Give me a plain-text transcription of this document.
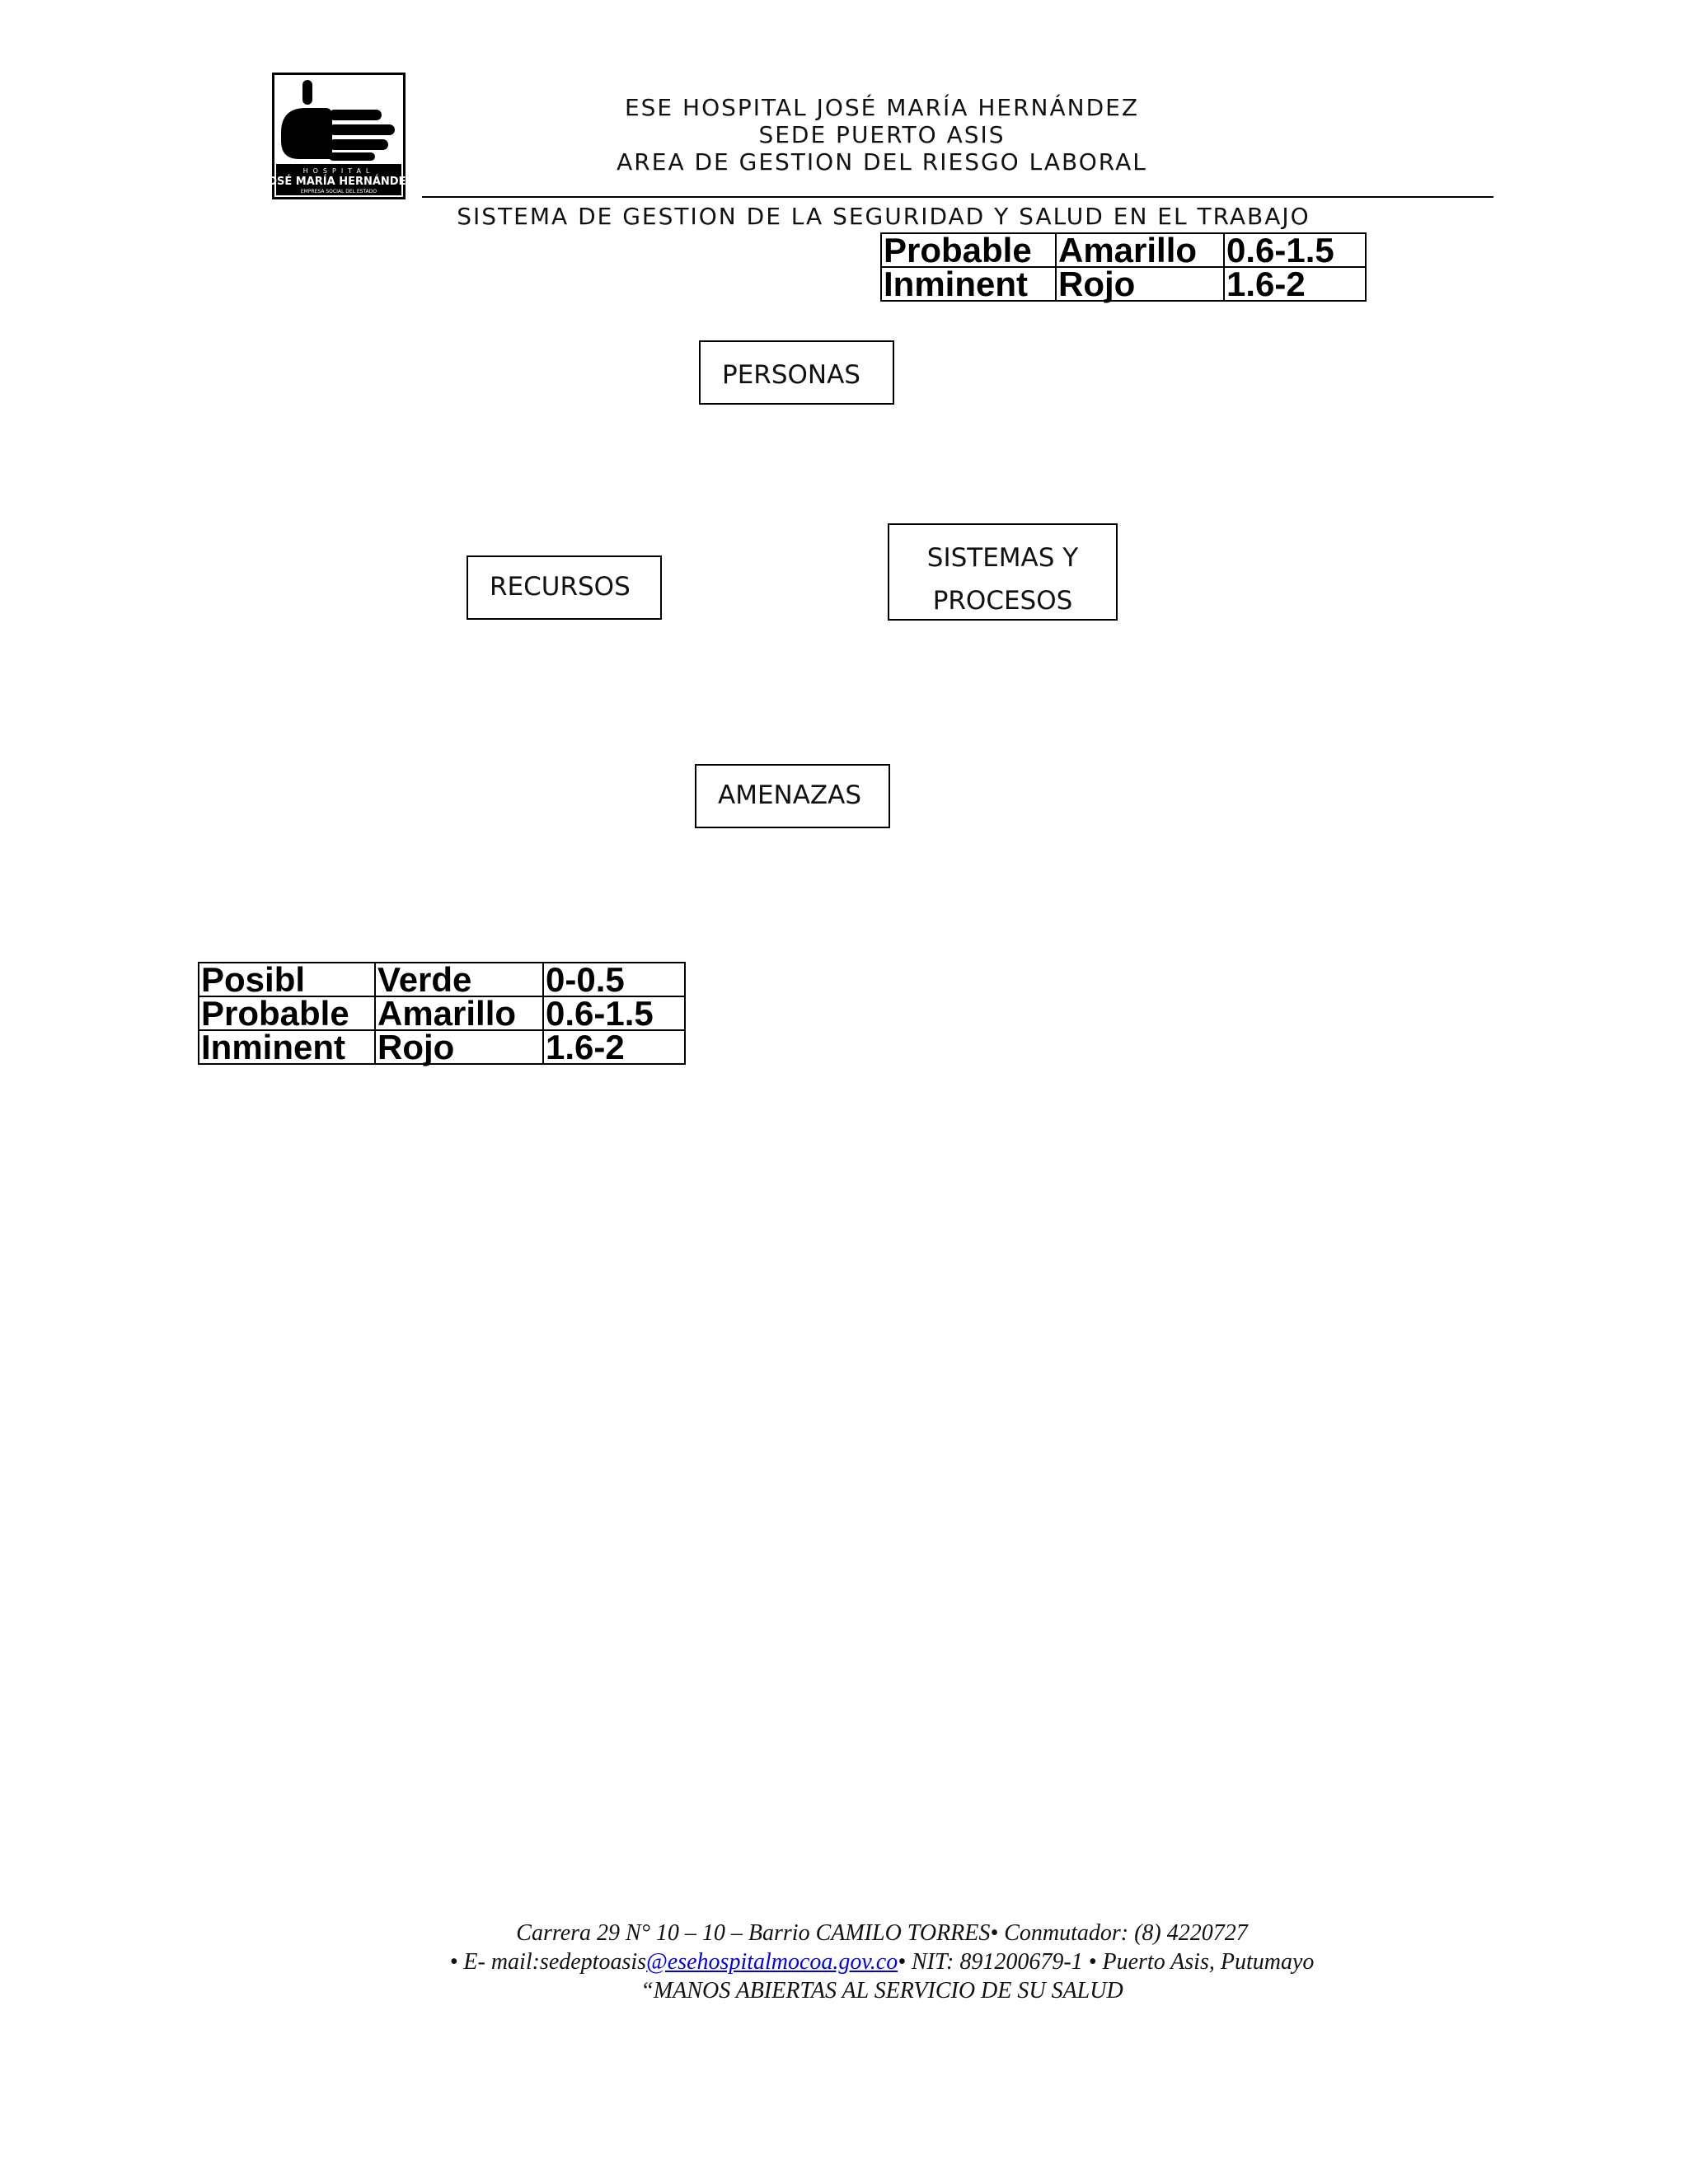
HOSPITAL
JOSÉ MARÍA HERNÁNDEZ
EMPRESA SOCIAL DEL ESTADO
ESE HOSPITAL JOSÉ MARÍA HERNÁNDEZ
SEDE PUERTO ASIS
AREA DE GESTION DEL RIESGO LABORAL
SISTEMA DE GESTION DE LA SEGURIDAD Y SALUD EN EL TRABAJO
Probable	Amarillo	0.6-1.5
Inminent	Rojo	1.6-2
PERSONAS
RECURSOS
SISTEMAS Y
PROCESOS
AMENAZAS
Posibl	Verde	0-0.5
Probable	Amarillo	0.6-1.5
Inminent	Rojo	1.6-2
Carrera 29 N° 10 – 10 – Barrio CAMILO TORRES• Conmutador: (8) 4220727
• E- mail:sedeptoasis@esehospitalmocoa.gov.co• NIT: 891200679-1 • Puerto Asis, Putumayo
“MANOS ABIERTAS AL SERVICIO DE SU SALUD
